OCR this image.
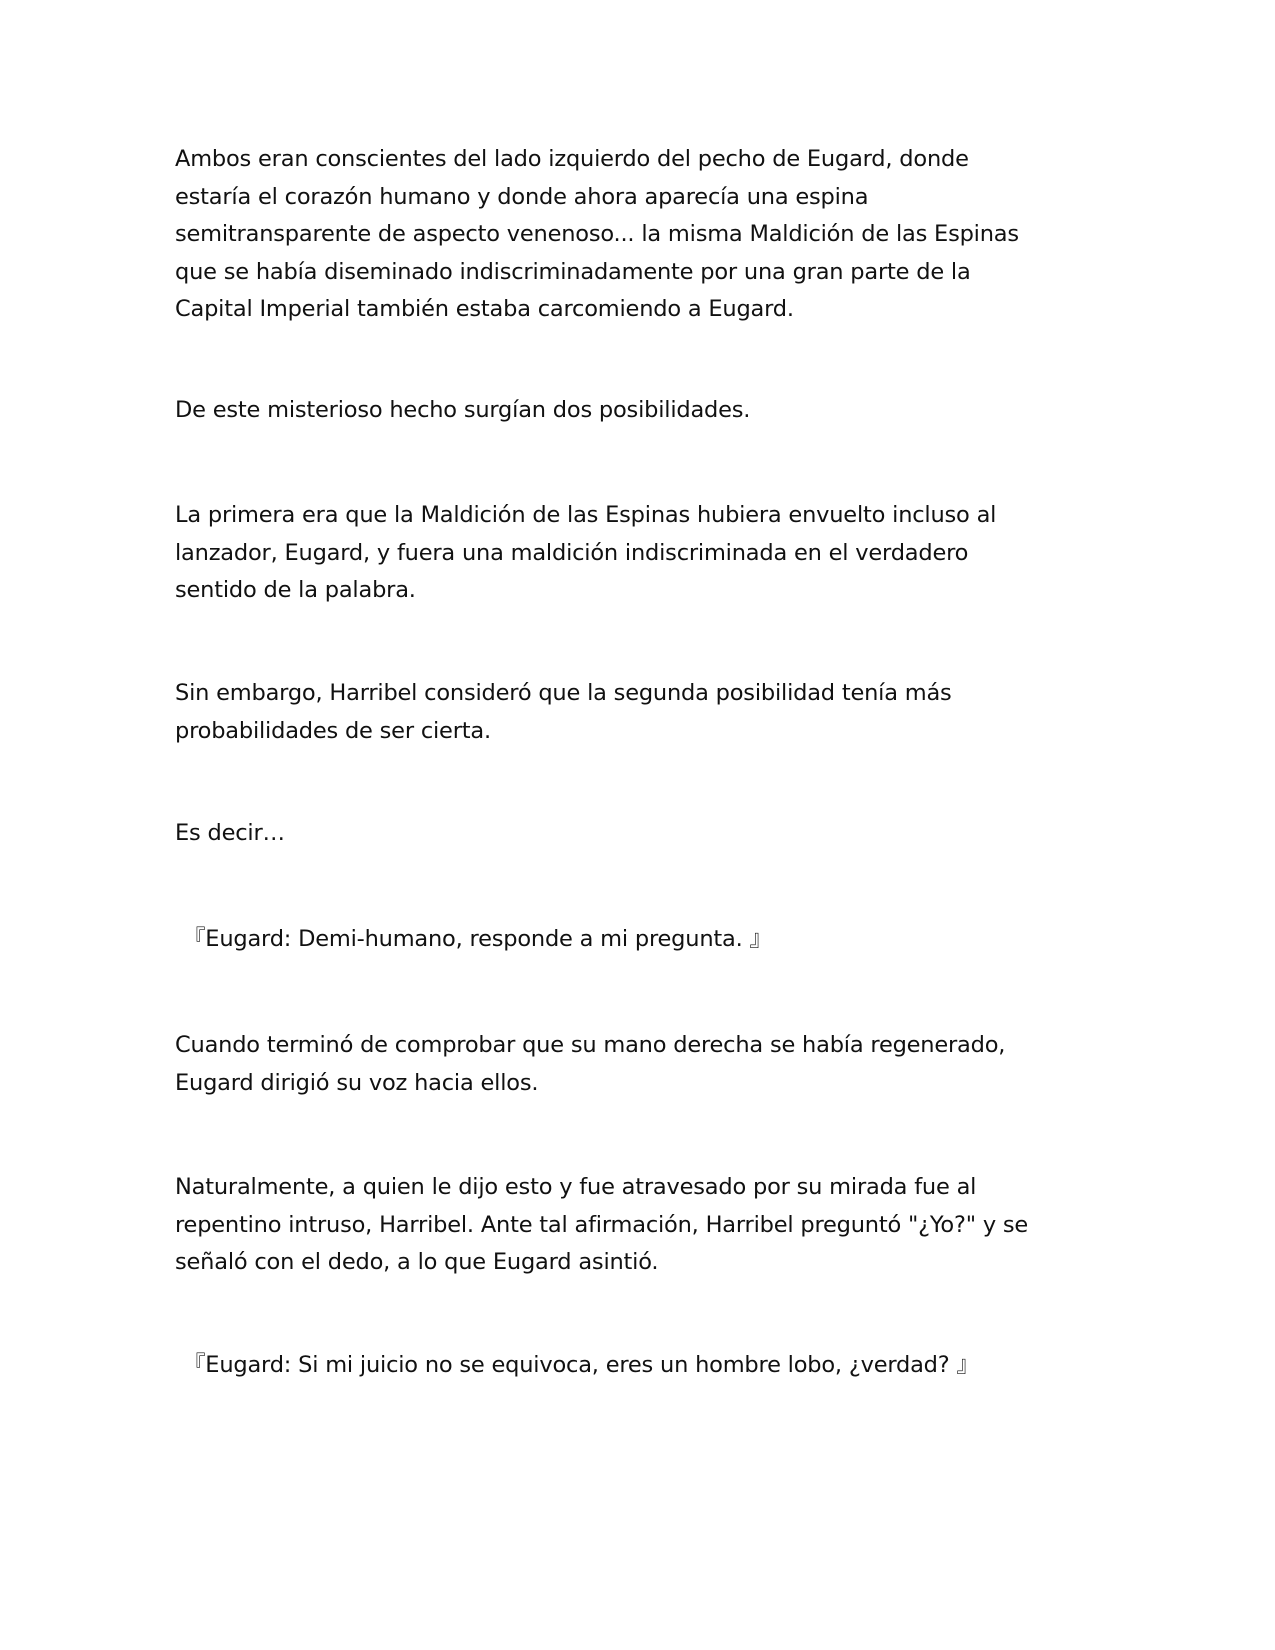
Ambos eran conscientes del lado izquierdo del pecho de Eugard, donde
estaría el corazón humano y donde ahora aparecía una espina
semitransparente de aspecto venenoso... la misma Maldición de las Espinas
que se había diseminado indiscriminadamente por una gran parte de la
Capital Imperial también estaba carcomiendo a Eugard.

De este misterioso hecho surgían dos posibilidades.

La primera era que la Maldición de las Espinas hubiera envuelto incluso al
lanzador, Eugard, y fuera una maldición indiscriminada en el verdadero
sentido de la palabra.

Sin embargo, Harribel consideró que la segunda posibilidad tenía más
probabilidades de ser cierta.

Es decir…

『Eugard: Demi-humano, responde a mi pregunta. 』

Cuando terminó de comprobar que su mano derecha se había regenerado,
Eugard dirigió su voz hacia ellos.

Naturalmente, a quien le dijo esto y fue atravesado por su mirada fue al
repentino intruso, Harribel. Ante tal afirmación, Harribel preguntó "¿Yo?" y se
señaló con el dedo, a lo que Eugard asintió.

『Eugard: Si mi juicio no se equivoca, eres un hombre lobo, ¿verdad? 』
